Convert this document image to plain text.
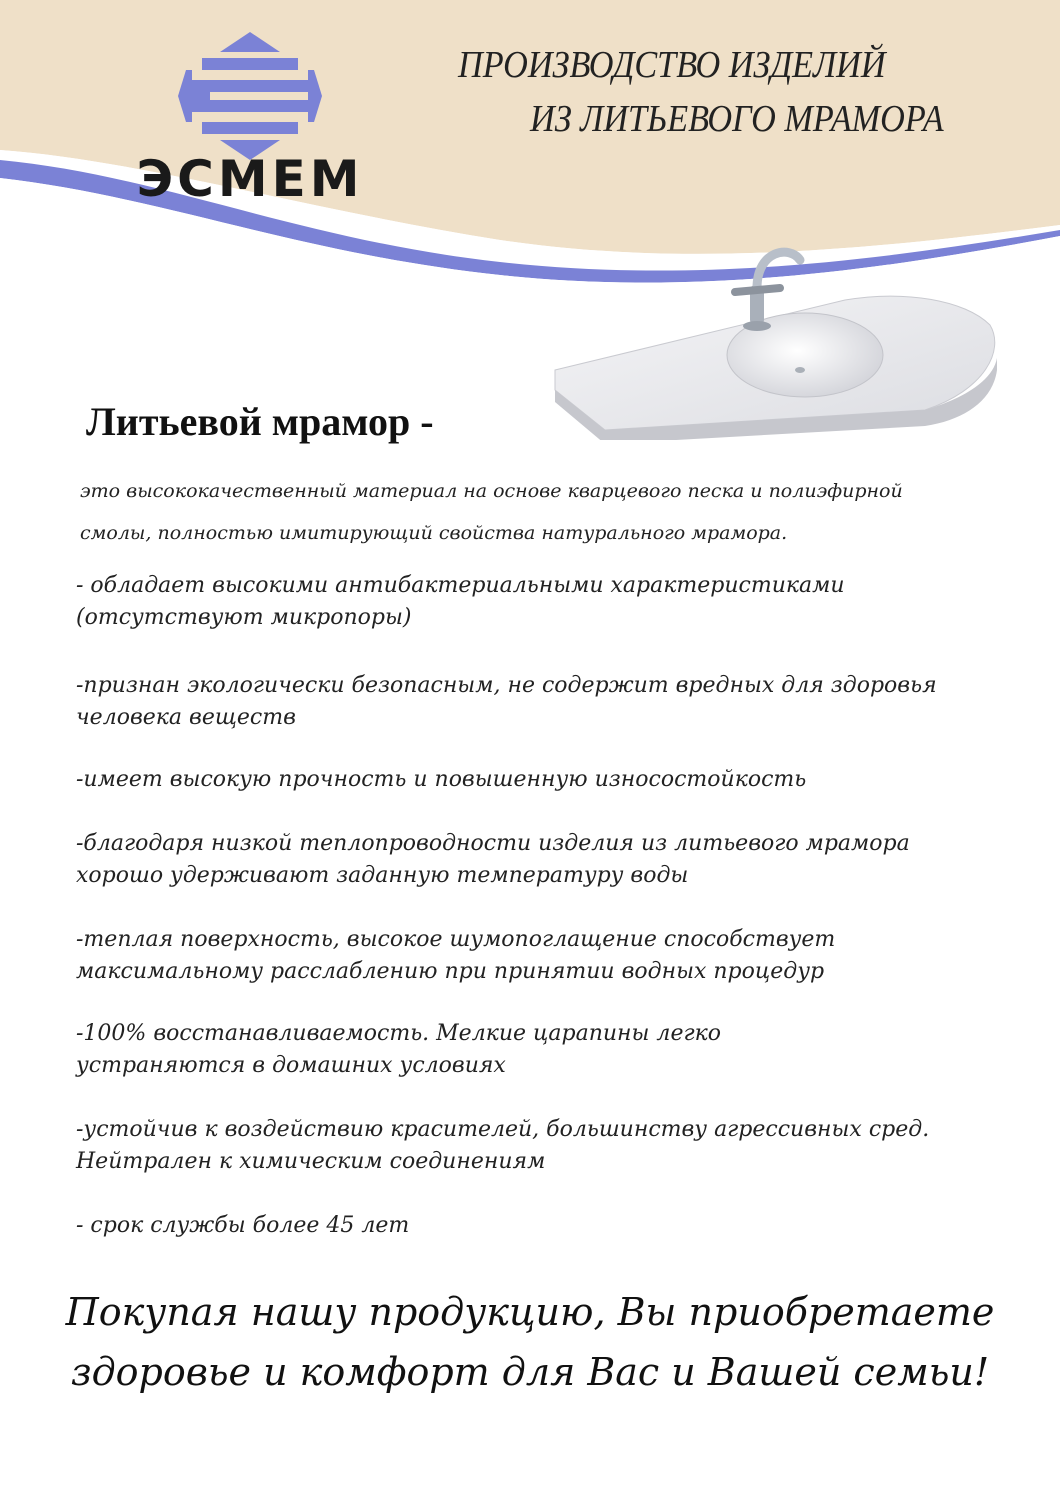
ЭСМЕМ
ПРОИЗВОДСТВО ИЗДЕЛИЙ
ИЗ ЛИТЬЕВОГО МРАМОРА
Литьевой мрамор -
это высококачественный материал на основе кварцевого песка и полиэфирной смолы, полностью имитирующий свойства натурального мрамора.
- обладает высокими антибактериальными характеристиками (отсутствуют микропоры)
-признан экологически безопасным, не содержит вредных для здоровья человека веществ
-имеет высокую прочность и повышенную износостойкость
-благодаря низкой теплопроводности изделия из литьевого мрамора хорошо удерживают заданную температуру воды
-теплая поверхность, высокое шумопоглащение способствует максимальному расслаблению при принятии водных процедур
-100% восстанавливаемость. Мелкие царапины легко устраняются в домашних условиях
-устойчив к воздействию красителей, большинству агрессивных сред. Нейтрален к химическим соединениям
- срок службы более 45 лет
Покупая нашу продукцию, Вы приобретаете здоровье и комфорт для Вас и Вашей семьи!
